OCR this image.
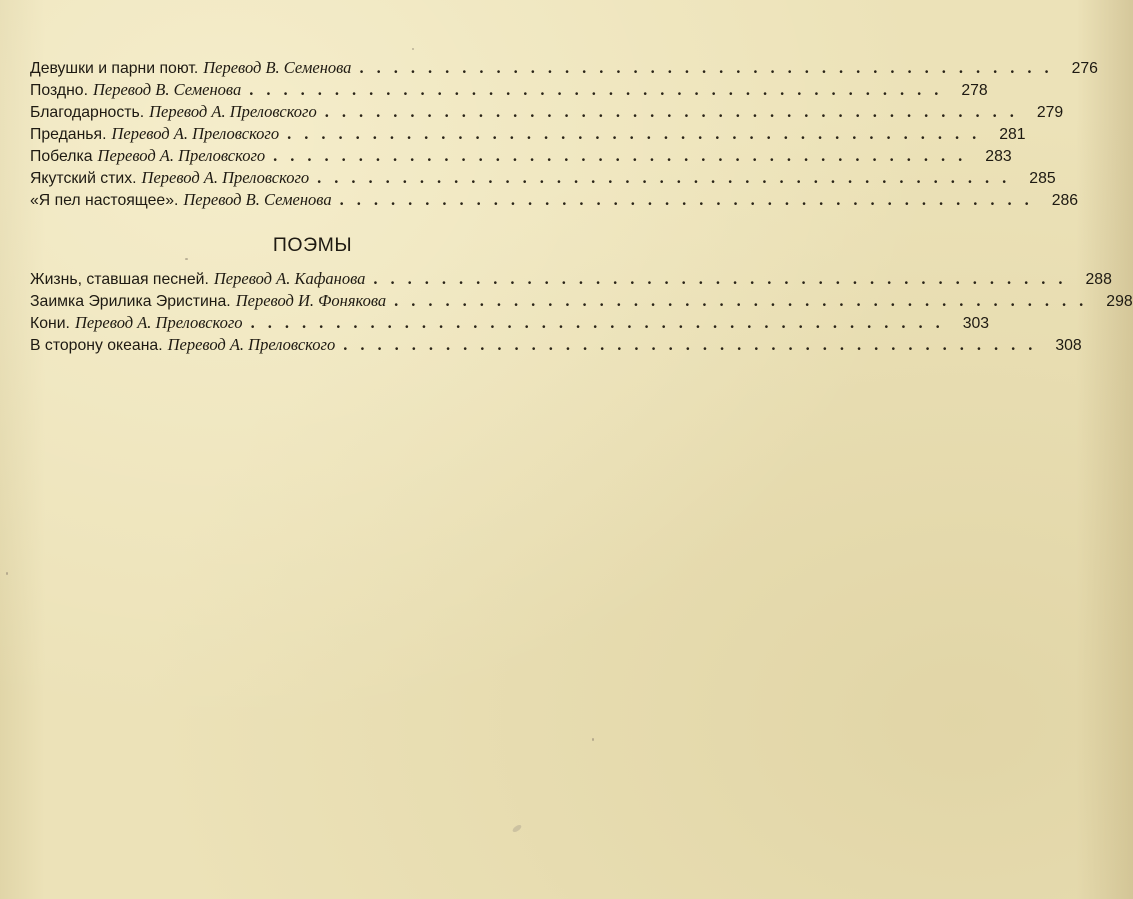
Девушки и парни поют. Перевод В. Семенова ......................................... 276
Поздно. Перевод В. Семенова ......................................... 278
Благодарность. Перевод А. Преловского ......................................... 279
Преданья. Перевод А. Преловского ......................................... 281
Побелка Перевод А. Преловского ......................................... 283
Якутский стих. Перевод А. Преловского ......................................... 285
«Я пел настоящее». Перевод В. Семенова ......................................... 286
ПОЭМЫ
Жизнь, ставшая песней. Перевод А. Кафанова ......................................... 288
Заимка Эрилика Эристина. Перевод И. Фонякова ......................................... 298
Кони. Перевод А. Преловского ......................................... 303
В сторону океана. Перевод А. Преловского ......................................... 308
